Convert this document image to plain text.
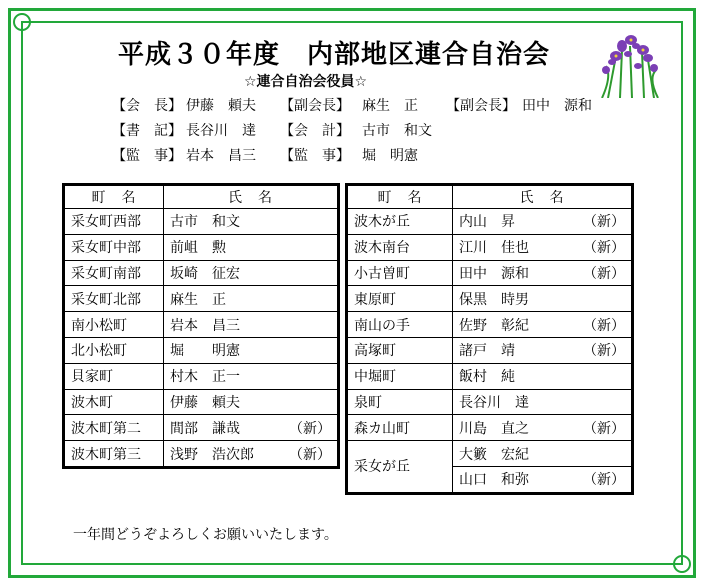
平成３０年度　内部地区連合自治会
☆連合自治会役員☆
【会　長】 伊藤　頼夫 【副会長】 麻生　正 【副会長】 田中　源和
【書　記】 長谷川　達 【会　計】 古市　和文
【監　事】 岩本　昌三 【監　事】 堀　明憲
町　名	氏　名
采女町西部	古市　和文
采女町中部	前岨　勲
采女町南部	坂崎　征宏
采女町北部	麻生　正
南小松町	岩本　昌三
北小松町	堀　　明憲
貝家町	村木　正一
波木町	伊藤　頼夫
波木町第二	間部　謙哉 （新）

波木町第三	浅野　浩次郎 （新）
町　名	氏　名
波木が丘	内山　昇 （新）

波木南台	江川　佳也 （新）

小古曽町	田中　源和 （新）

東原町	保黒　時男
南山の手	佐野　彰紀 （新）

高塚町	諸戸　靖 （新）

中堀町	飯村　純
泉町	長谷川　達
森カ山町	川島　直之 （新）

采女が丘	大籔　宏紀
	山口　和弥 （新）
一年間どうぞよろしくお願いいたします。
